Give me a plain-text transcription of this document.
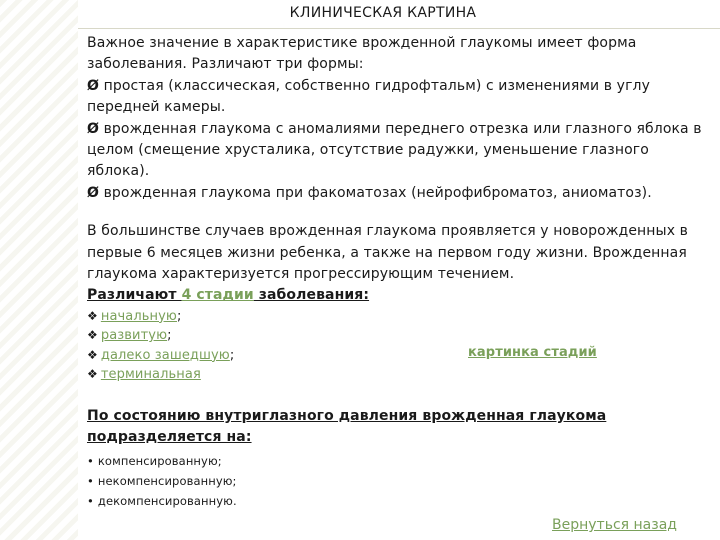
КЛИНИЧЕСКАЯ КАРТИНА

Важное значение в характеристике врожденной глаукомы имеет форма заболевания. Различают три формы:

Ø простая (классическая, собственно гидрофтальм) с изменениями в углу передней камеры.

Ø врожденная глаукома с аномалиями переднего отрезка или глазного яблока в целом (смещение хрусталика, отсутствие радужки, уменьшение глазного яблока).

Ø врожденная глаукома при факоматозах (нейрофиброматоз, аниоматоз).

В большинстве случаев врожденная глаукома проявляется у новорожденных в первые 6 месяцев жизни ребенка, а также на первом году жизни. Врожденная глаукома характеризуется прогрессирующим течением.

Различают 4 стадии заболевания:

❖ начальную;
❖ развитую;
❖ далеко зашедшую;
❖ терминальная
картинка стадий

По состоянию внутриглазного давления врожденная глаукома подразделяется на:

• компенсированную;
• некомпенсированную;
• декомпенсированную.
Вернуться назад
